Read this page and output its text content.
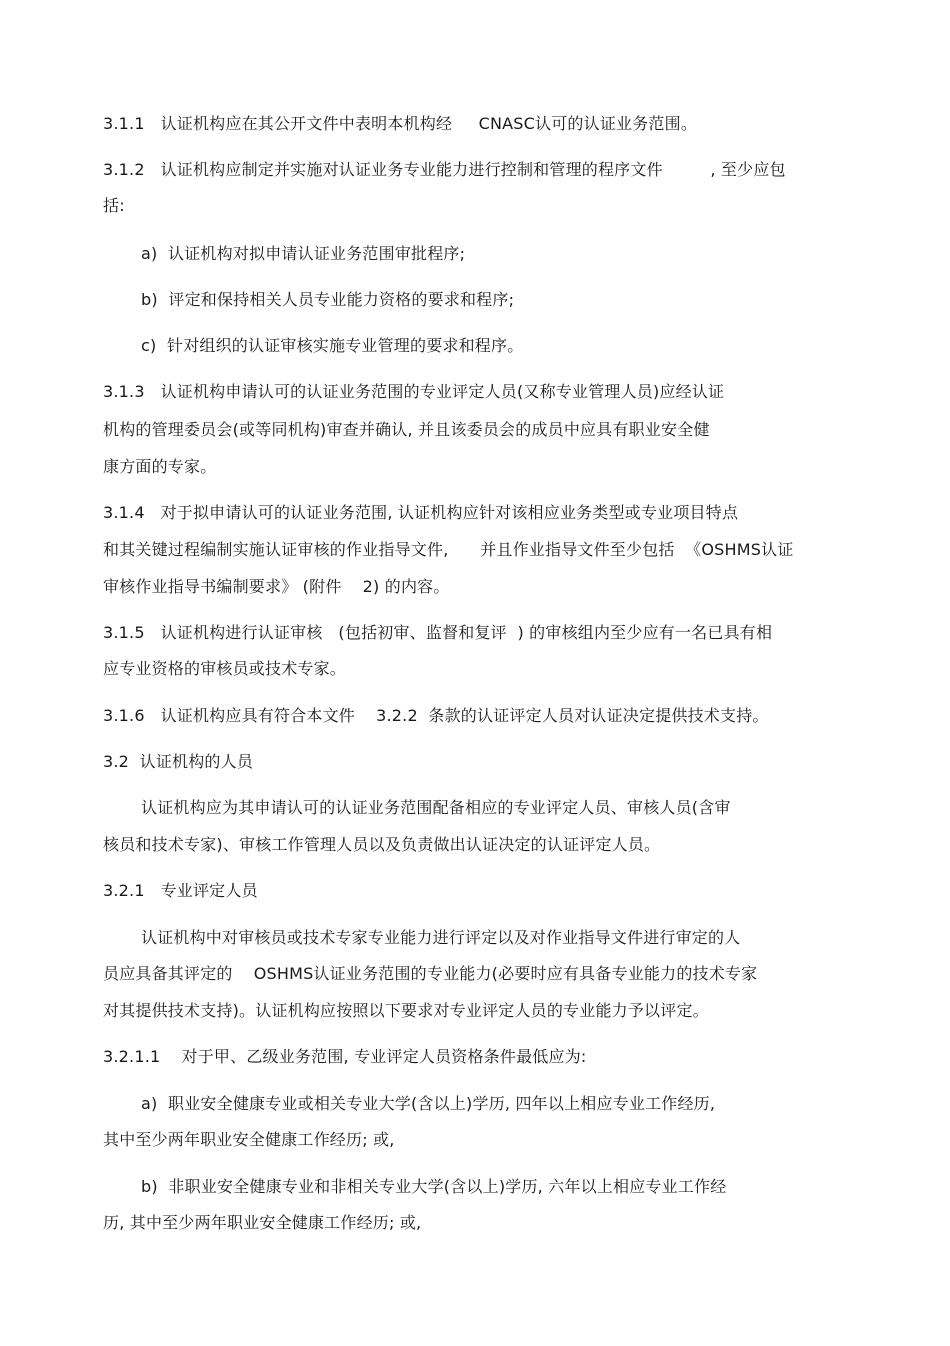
3.1.1   认证机构应在其公开文件中表明本机构经     CNASC认可的认证业务范围。
3.1.2   认证机构应制定并实施对认证业务专业能力进行控制和管理的程序文件         , 至少应包
括:
a)  认证机构对拟申请认证业务范围审批程序;
b)  评定和保持相关人员专业能力资格的要求和程序;
c)  针对组织的认证审核实施专业管理的要求和程序。
3.1.3   认证机构申请认可的认证业务范围的专业评定人员(又称专业管理人员)应经认证
机构的管理委员会(或等同机构)审查并确认, 并且该委员会的成员中应具有职业安全健
康方面的专家。
3.1.4   对于拟申请认可的认证业务范围, 认证机构应针对该相应业务类型或专业项目特点
和其关键过程编制实施认证审核的作业指导文件,      并且作业指导文件至少包括  《OSHMS认证
审核作业指导书编制要求》 (附件    2) 的内容。
3.1.5   认证机构进行认证审核   (包括初审、监督和复评  ) 的审核组内至少应有一名已具有相
应专业资格的审核员或技术专家。
3.1.6   认证机构应具有符合本文件    3.2.2  条款的认证评定人员对认证决定提供技术支持。
3.2  认证机构的人员
认证机构应为其申请认可的认证业务范围配备相应的专业评定人员、审核人员(含审
核员和技术专家)、审核工作管理人员以及负责做出认证决定的认证评定人员。
3.2.1   专业评定人员
认证机构中对审核员或技术专家专业能力进行评定以及对作业指导文件进行审定的人
员应具备其评定的    OSHMS认证业务范围的专业能力(必要时应有具备专业能力的技术专家
对其提供技术支持)。认证机构应按照以下要求对专业评定人员的专业能力予以评定。
3.2.1.1    对于甲、乙级业务范围, 专业评定人员资格条件最低应为:
a)  职业安全健康专业或相关专业大学(含以上)学历, 四年以上相应专业工作经历,
其中至少两年职业安全健康工作经历; 或,
b)  非职业安全健康专业和非相关专业大学(含以上)学历, 六年以上相应专业工作经
历, 其中至少两年职业安全健康工作经历; 或,
